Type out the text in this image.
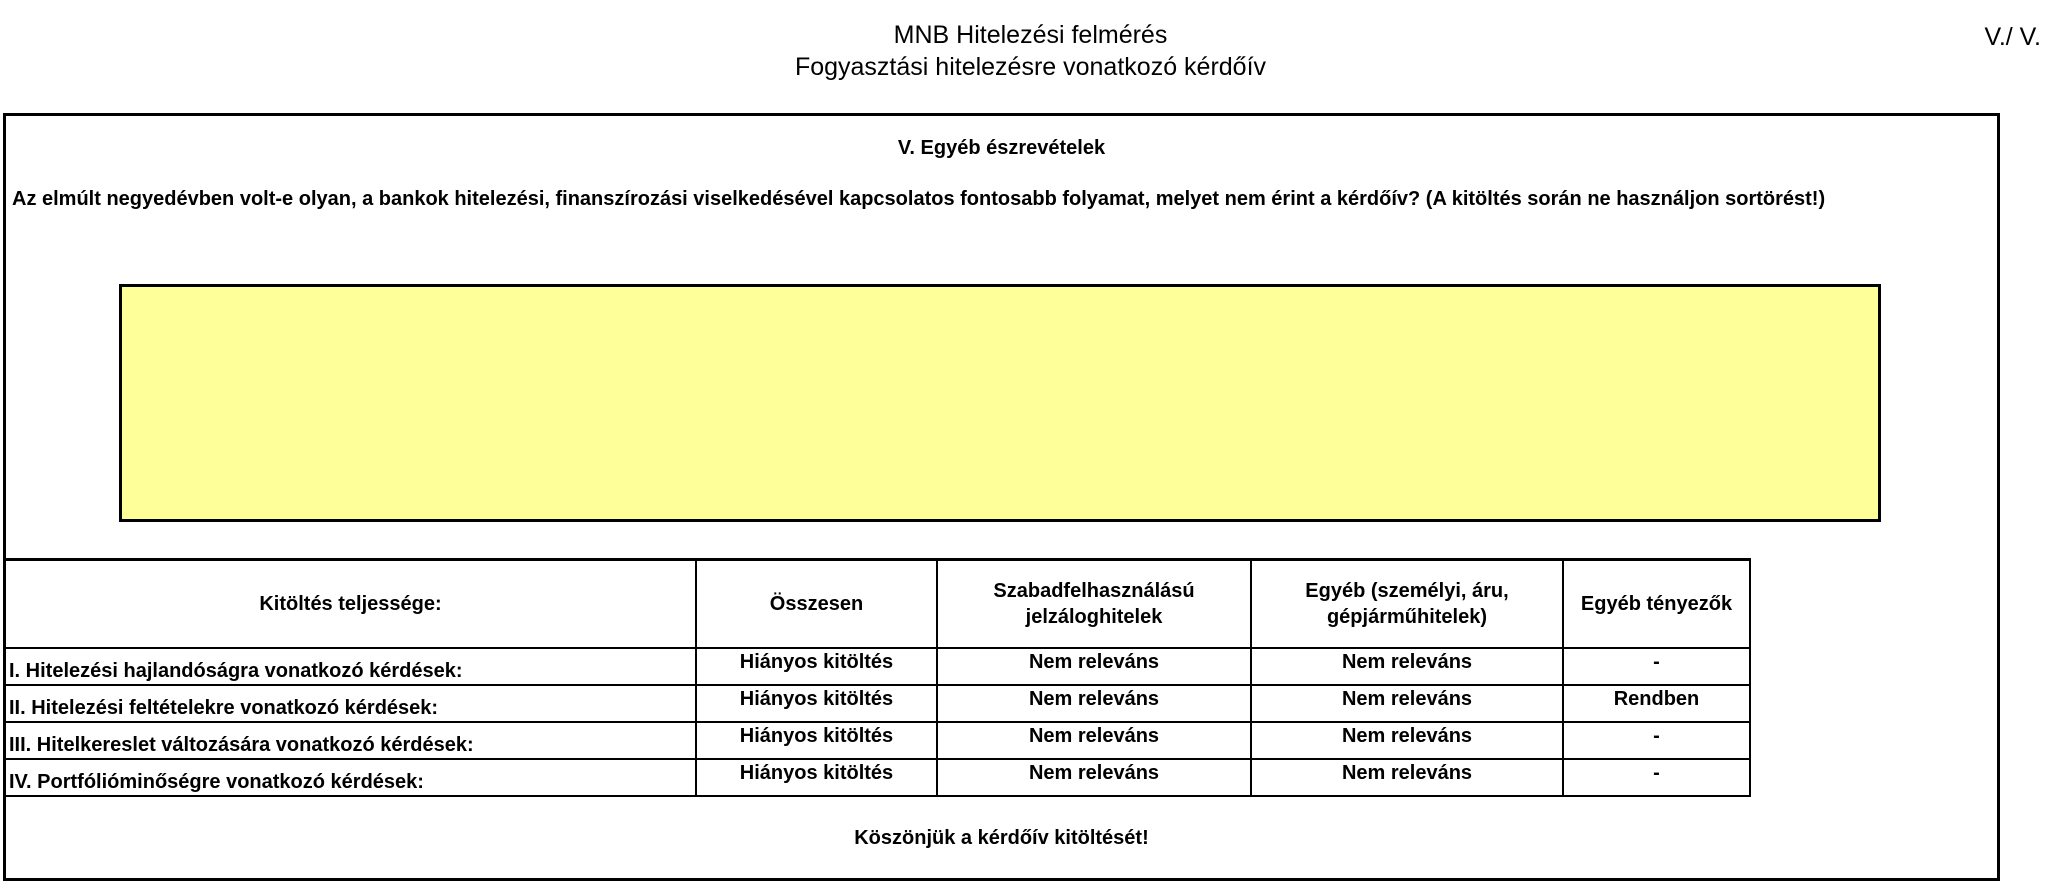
MNB Hitelezési felmérés
Fogyasztási hitelezésre vonatkozó kérdőív
V./ V.
V. Egyéb észrevételek
Az elmúlt negyedévben volt-e olyan, a bankok hitelezési, finanszírozási viselkedésével kapcsolatos fontosabb folyamat, melyet nem érint a kérdőív? (A kitöltés során ne használjon sortörést!)
Kitöltés teljessége:	Összesen	Szabadfelhasználású jelzáloghitelek	Egyéb (személyi, áru, gépjárműhitelek)	Egyéb tényezők
I. Hitelezési hajlandóságra vonatkozó kérdések:	Hiányos kitöltés	Nem releváns	Nem releváns	-
II. Hitelezési feltételekre vonatkozó kérdések:	Hiányos kitöltés	Nem releváns	Nem releváns	Rendben
III. Hitelkereslet változására vonatkozó kérdések:	Hiányos kitöltés	Nem releváns	Nem releváns	-
IV. Portfólióminőségre vonatkozó kérdések:	Hiányos kitöltés	Nem releváns	Nem releváns	-
Köszönjük a kérdőív kitöltését!
